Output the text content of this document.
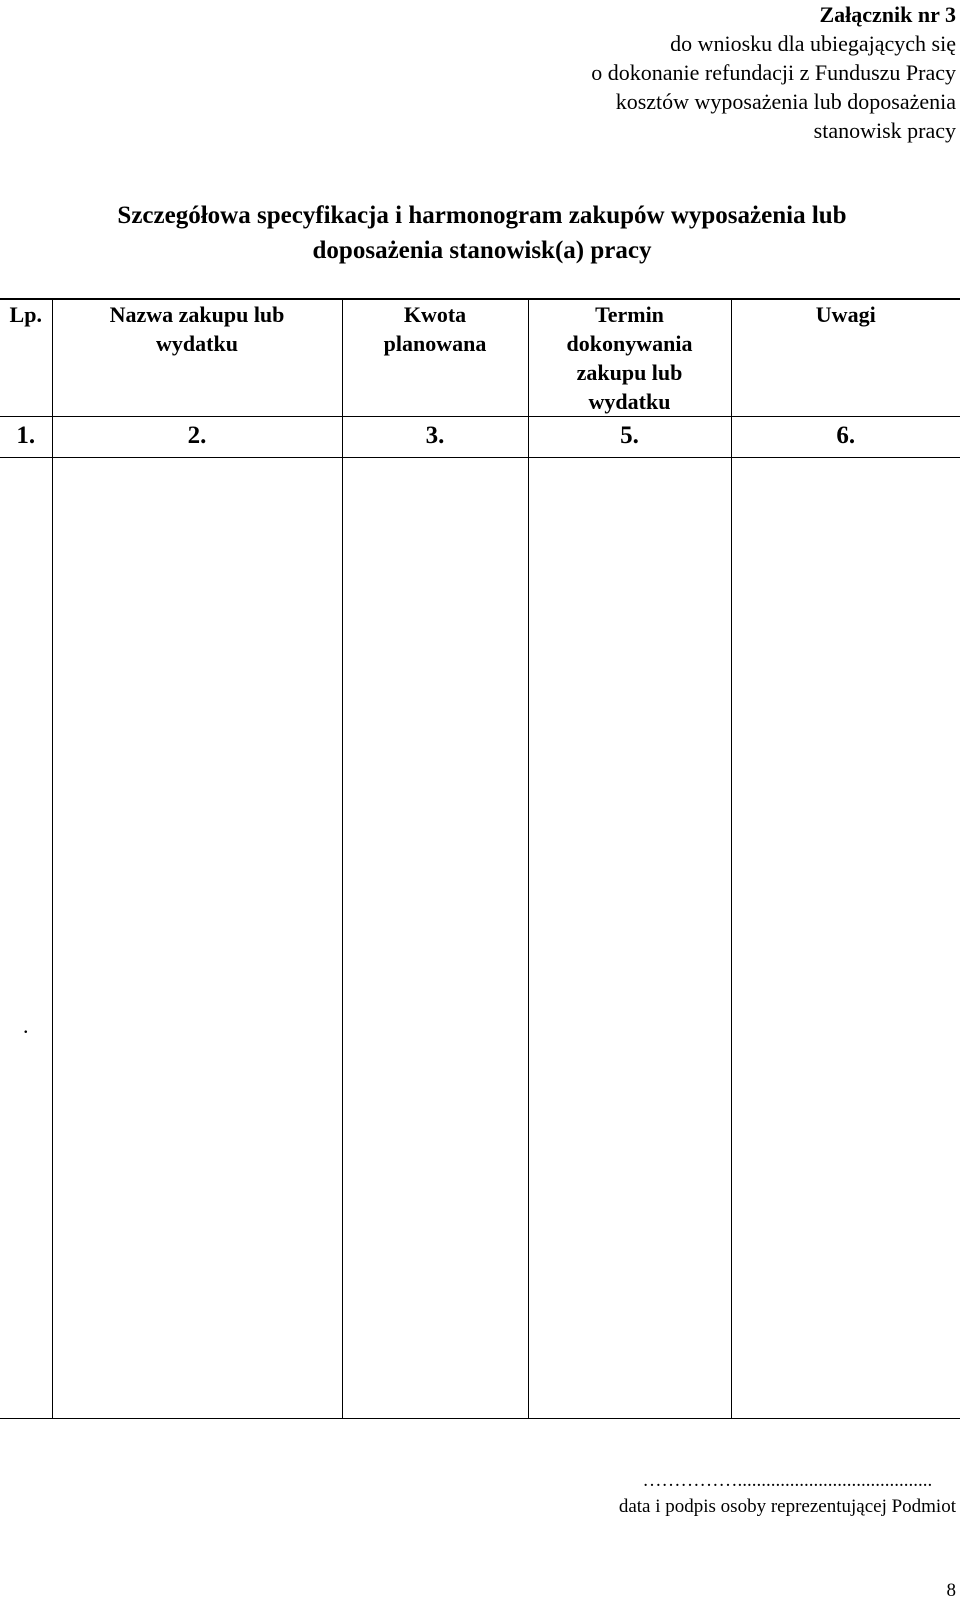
Załącznik nr 3
do wniosku dla ubiegających się
o dokonanie refundacji z Funduszu Pracy
kosztów wyposażenia lub doposażenia
stanowisk pracy
Szczegółowa specyfikacja i harmonogram zakupów wyposażenia lub
doposażenia stanowisk(a) pracy
Lp.	Nazwa zakupu lub wydatku	Kwota planowana	Termin dokonywania zakupu lub wydatku	Uwagi
1.	2.	3.	5.	6.
.				
…………….........................................
data i podpis osoby reprezentującej Podmiot
8
